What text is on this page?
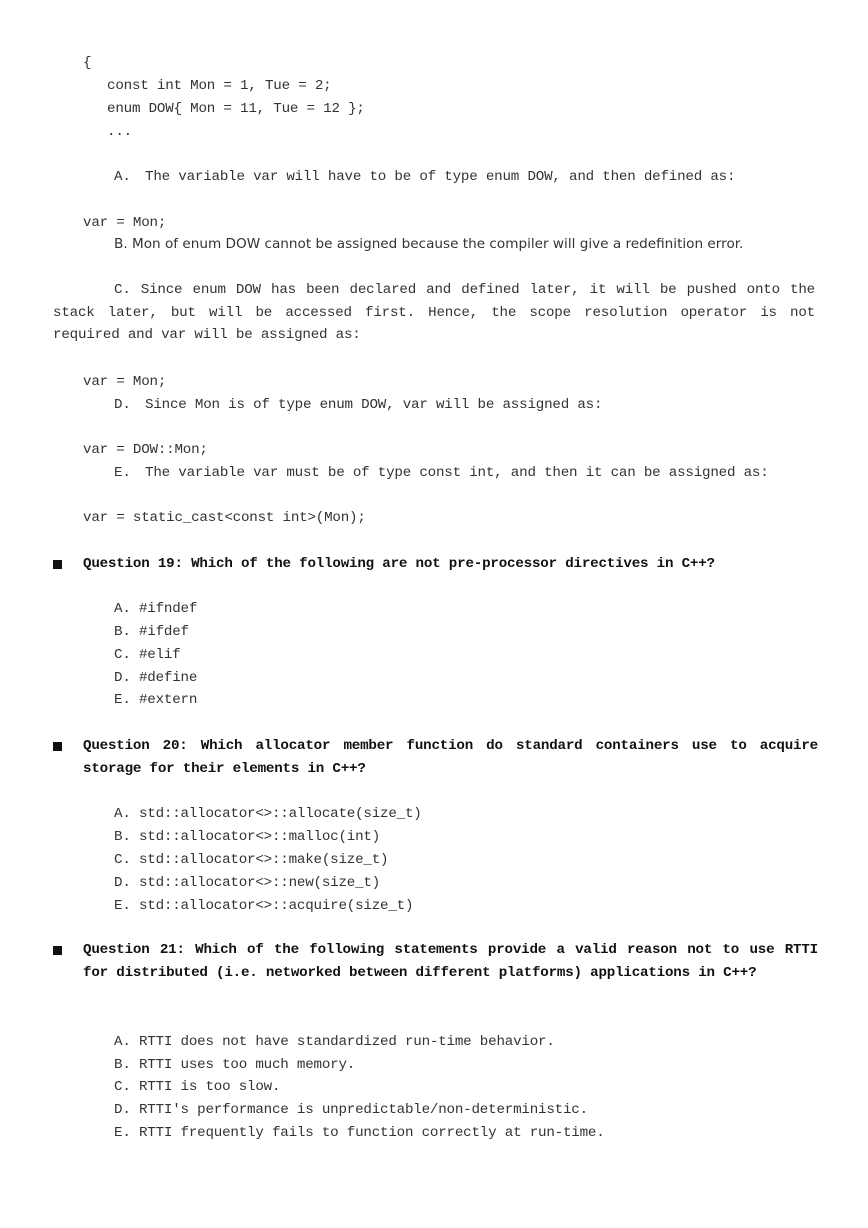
{
const int Mon = 1, Tue = 2;
enum DOW{ Mon = 11, Tue = 12 };
...
A. The variable var will have to be of type enum DOW, and then defined as:
var = Mon;
B. Mon of enum DOW cannot be assigned because the compiler will give a redefinition error.
C. Since enum DOW has been declared and defined later, it will be pushed onto the stack later, but will be accessed first. Hence, the scope resolution operator is not required and var will be assigned as:
var = Mon;
D. Since Mon is of type enum DOW, var will be assigned as:
var = DOW::Mon;
E. The variable var must be of type const int, and then it can be assigned as:
var = static_cast<const int>(Mon);
Question 19: Which of the following are not pre-processor directives in C++?
A. #ifndef
B. #ifdef
C. #elif
D. #define
E. #extern
Question 20: Which allocator member function do standard containers use to acquire storage for their elements in C++?
A. std::allocator<>::allocate(size_t)
B. std::allocator<>::malloc(int)
C. std::allocator<>::make(size_t)
D. std::allocator<>::new(size_t)
E. std::allocator<>::acquire(size_t)
Question 21: Which of the following statements provide a valid reason not to use RTTI for distributed (i.e. networked between different platforms) applications in C++?
A. RTTI does not have standardized run-time behavior.
B. RTTI uses too much memory.
C. RTTI is too slow.
D. RTTI's performance is unpredictable/non-deterministic.
E. RTTI frequently fails to function correctly at run-time.
